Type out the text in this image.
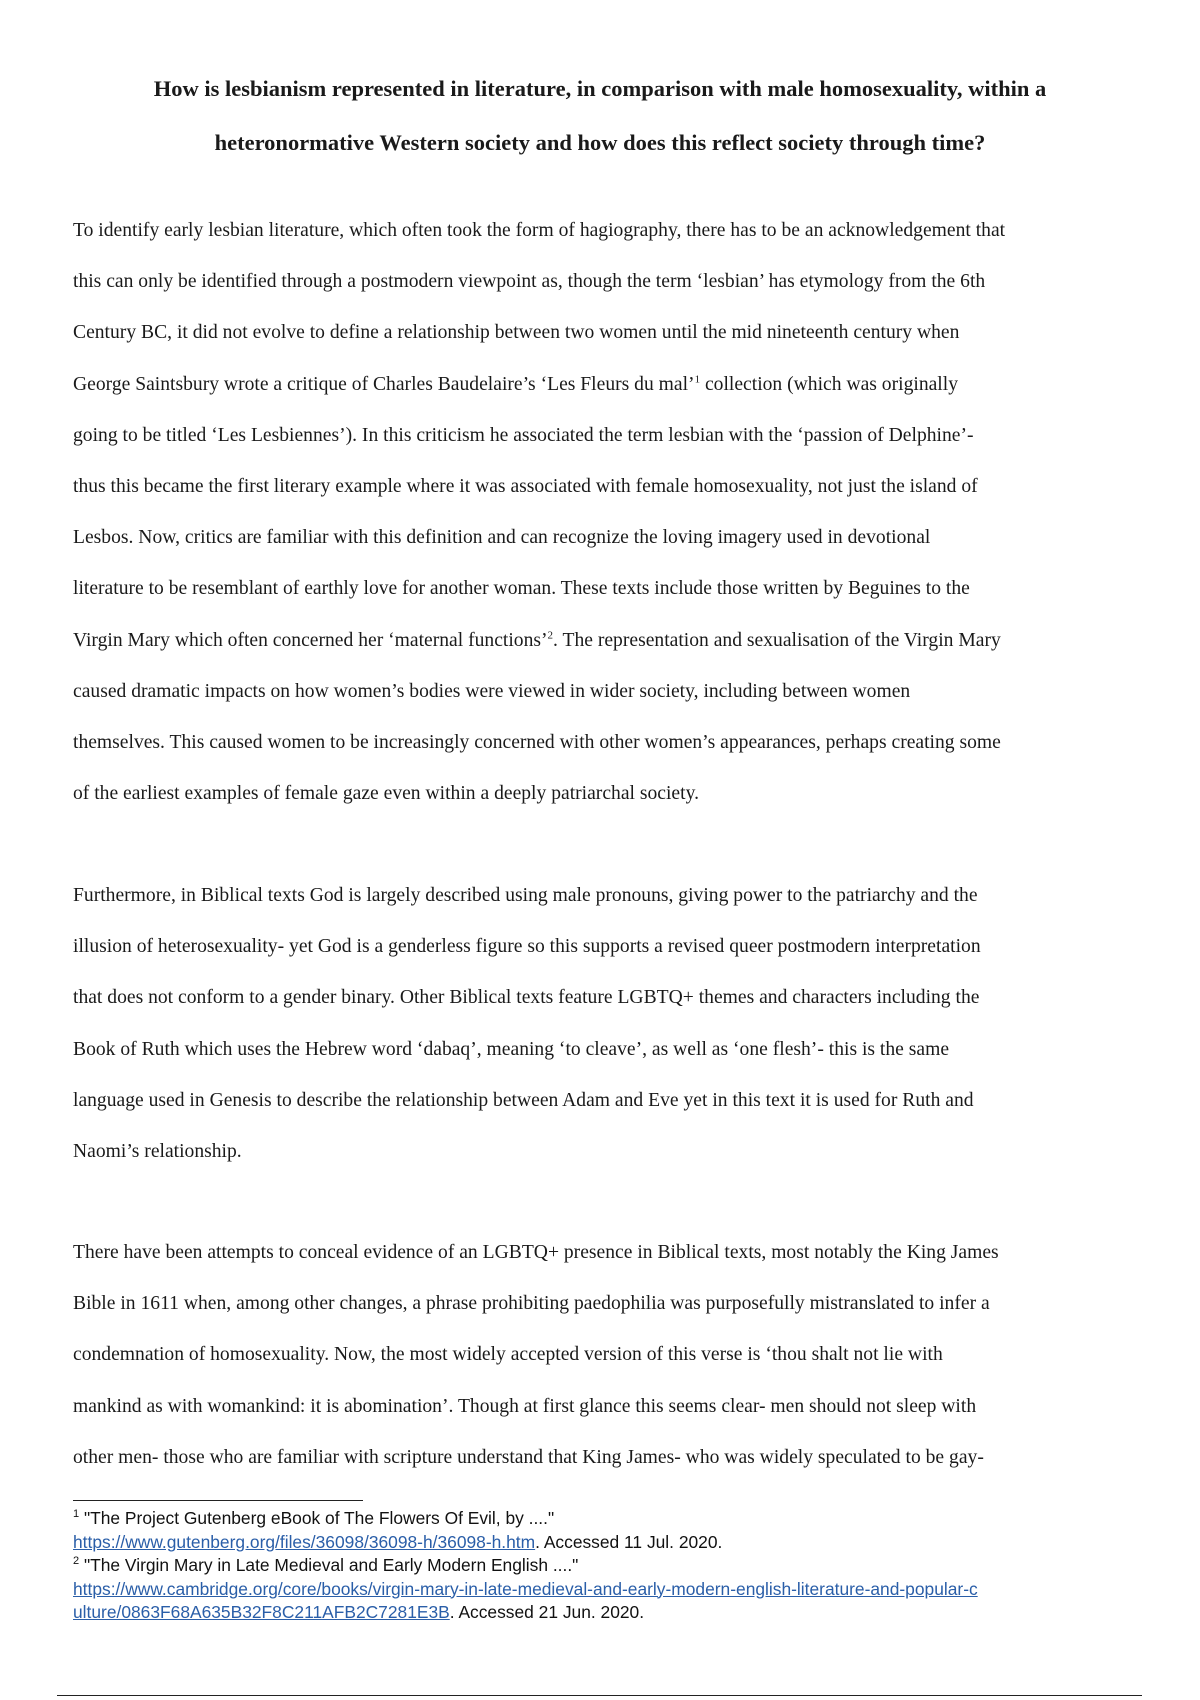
How is lesbianism represented in literature, in comparison with male homosexuality, within a
heteronormative Western society and how does this reflect society through time?
To identify early lesbian literature, which often took the form of hagiography, there has to be an acknowledgement that
this can only be identified through a postmodern viewpoint as, though the term ‘lesbian’ has etymology from the 6th
Century BC, it did not evolve to define a relationship between two women until the mid nineteenth century when
George Saintsbury wrote a critique of Charles Baudelaire’s ‘Les Fleurs du mal’$^1$ collection (which was originally
going to be titled ‘Les Lesbiennes’). In this criticism he associated the term lesbian with the ‘passion of Delphine’-
thus this became the first literary example where it was associated with female homosexuality, not just the island of
Lesbos. Now, critics are familiar with this definition and can recognize the loving imagery used in devotional
literature to be resemblant of earthly love for another woman. These texts include those written by Beguines to the
Virgin Mary which often concerned her ‘maternal functions’$^2$. The representation and sexualisation of the Virgin Mary
caused dramatic impacts on how women’s bodies were viewed in wider society, including between women
themselves. This caused women to be increasingly concerned with other women’s appearances, perhaps creating some
of the earliest examples of female gaze even within a deeply patriarchal society.
Furthermore, in Biblical texts God is largely described using male pronouns, giving power to the patriarchy and the
illusion of heterosexuality- yet God is a genderless figure so this supports a revised queer postmodern interpretation
that does not conform to a gender binary. Other Biblical texts feature LGBTQ+ themes and characters including the
Book of Ruth which uses the Hebrew word ‘dabaq’, meaning ‘to cleave’, as well as ‘one flesh’- this is the same
language used in Genesis to describe the relationship between Adam and Eve yet in this text it is used for Ruth and
Naomi’s relationship.
There have been attempts to conceal evidence of an LGBTQ+ presence in Biblical texts, most notably the King James
Bible in 1611 when, among other changes, a phrase prohibiting paedophilia was purposefully mistranslated to infer a
condemnation of homosexuality. Now, the most widely accepted version of this verse is ‘thou shalt not lie with
mankind as with womankind: it is abomination’. Though at first glance this seems clear- men should not sleep with
other men- those who are familiar with scripture understand that King James- who was widely speculated to be gay-
$^1$ "The Project Gutenberg eBook of The Flowers Of Evil, by ...."
https://www.gutenberg.org/files/36098/36098-h/36098-h.htm. Accessed 11 Jul. 2020.
$^2$ "The Virgin Mary in Late Medieval and Early Modern English ...."
https://www.cambridge.org/core/books/virgin-mary-in-late-medieval-and-early-modern-english-literature-and-popular-c
ulture/0863F68A635B32F8C211AFB2C7281E3B. Accessed 21 Jun. 2020.
